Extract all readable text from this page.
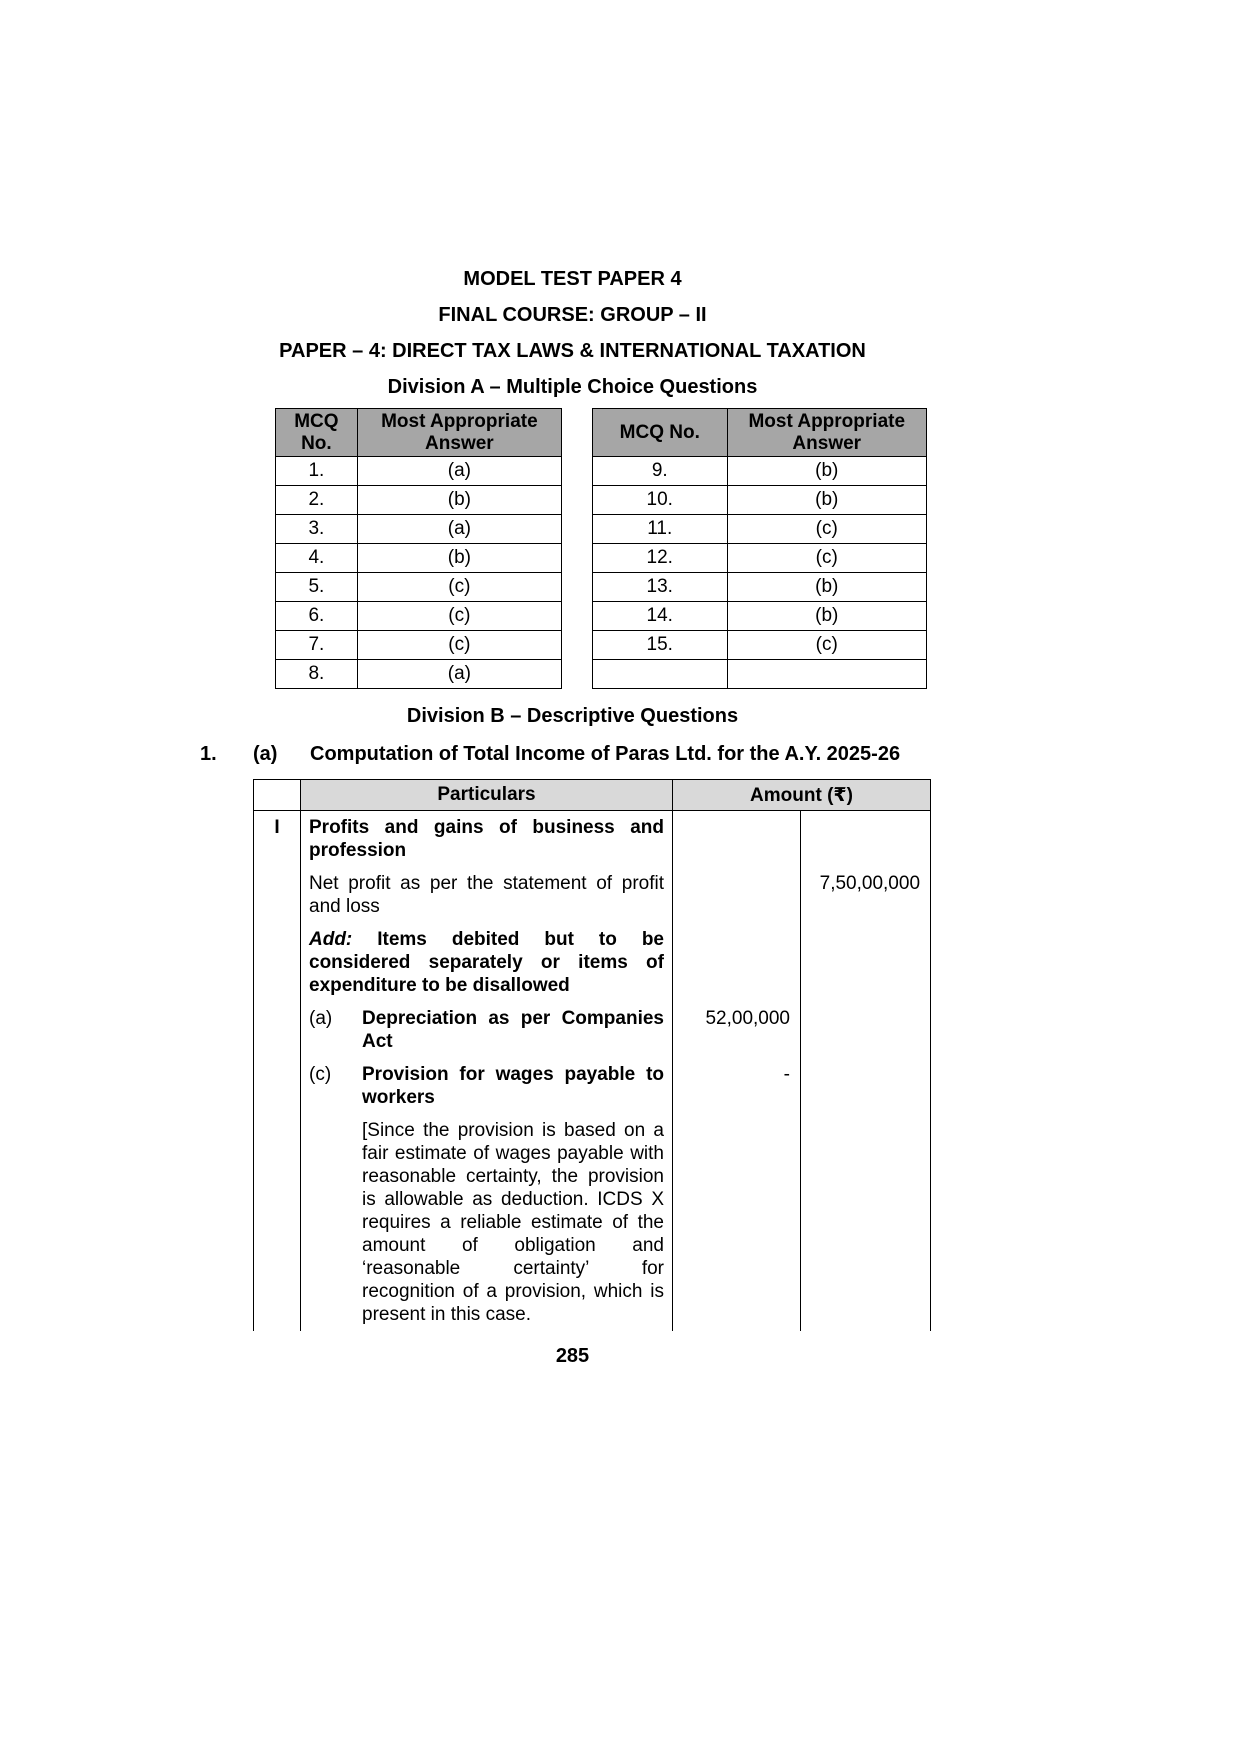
MODEL TEST PAPER 4
FINAL COURSE: GROUP – II
PAPER – 4: DIRECT TAX LAWS & INTERNATIONAL TAXATION
Division A – Multiple Choice Questions
MCQ No.	Most Appropriate Answer
1.	(a)
2.	(b)
3.	(a)
4.	(b)
5.	(c)
6.	(c)
7.	(c)
8.	(a)
MCQ No.	Most Appropriate Answer
9.	(b)
10.	(b)
11.	(c)
12.	(c)
13.	(b)
14.	(b)
15.	(c)

Division B – Descriptive Questions
1.	(a)	Computation of Total Income of Paras Ltd. for the A.Y. 2025-26
	Particulars	Amount (₹)	
I	Profits and gains of business and profession		

	Net profit as per the statement of profit and loss		7,50,00,000

	Add: Items debited but to be considered separately or items of expenditure to be disallowed		

	(a) Depreciation as per Companies Act	52,00,000	

	(c) Provision for wages payable to workers	-	

	[Since the provision is based on a fair estimate of wages payable with reasonable certainty, the provision is allowable as deduction. ICDS X requires a reliable estimate of the amount of obligation and ‘reasonable certainty’ for recognition of a provision, which is present in this case.		

285
